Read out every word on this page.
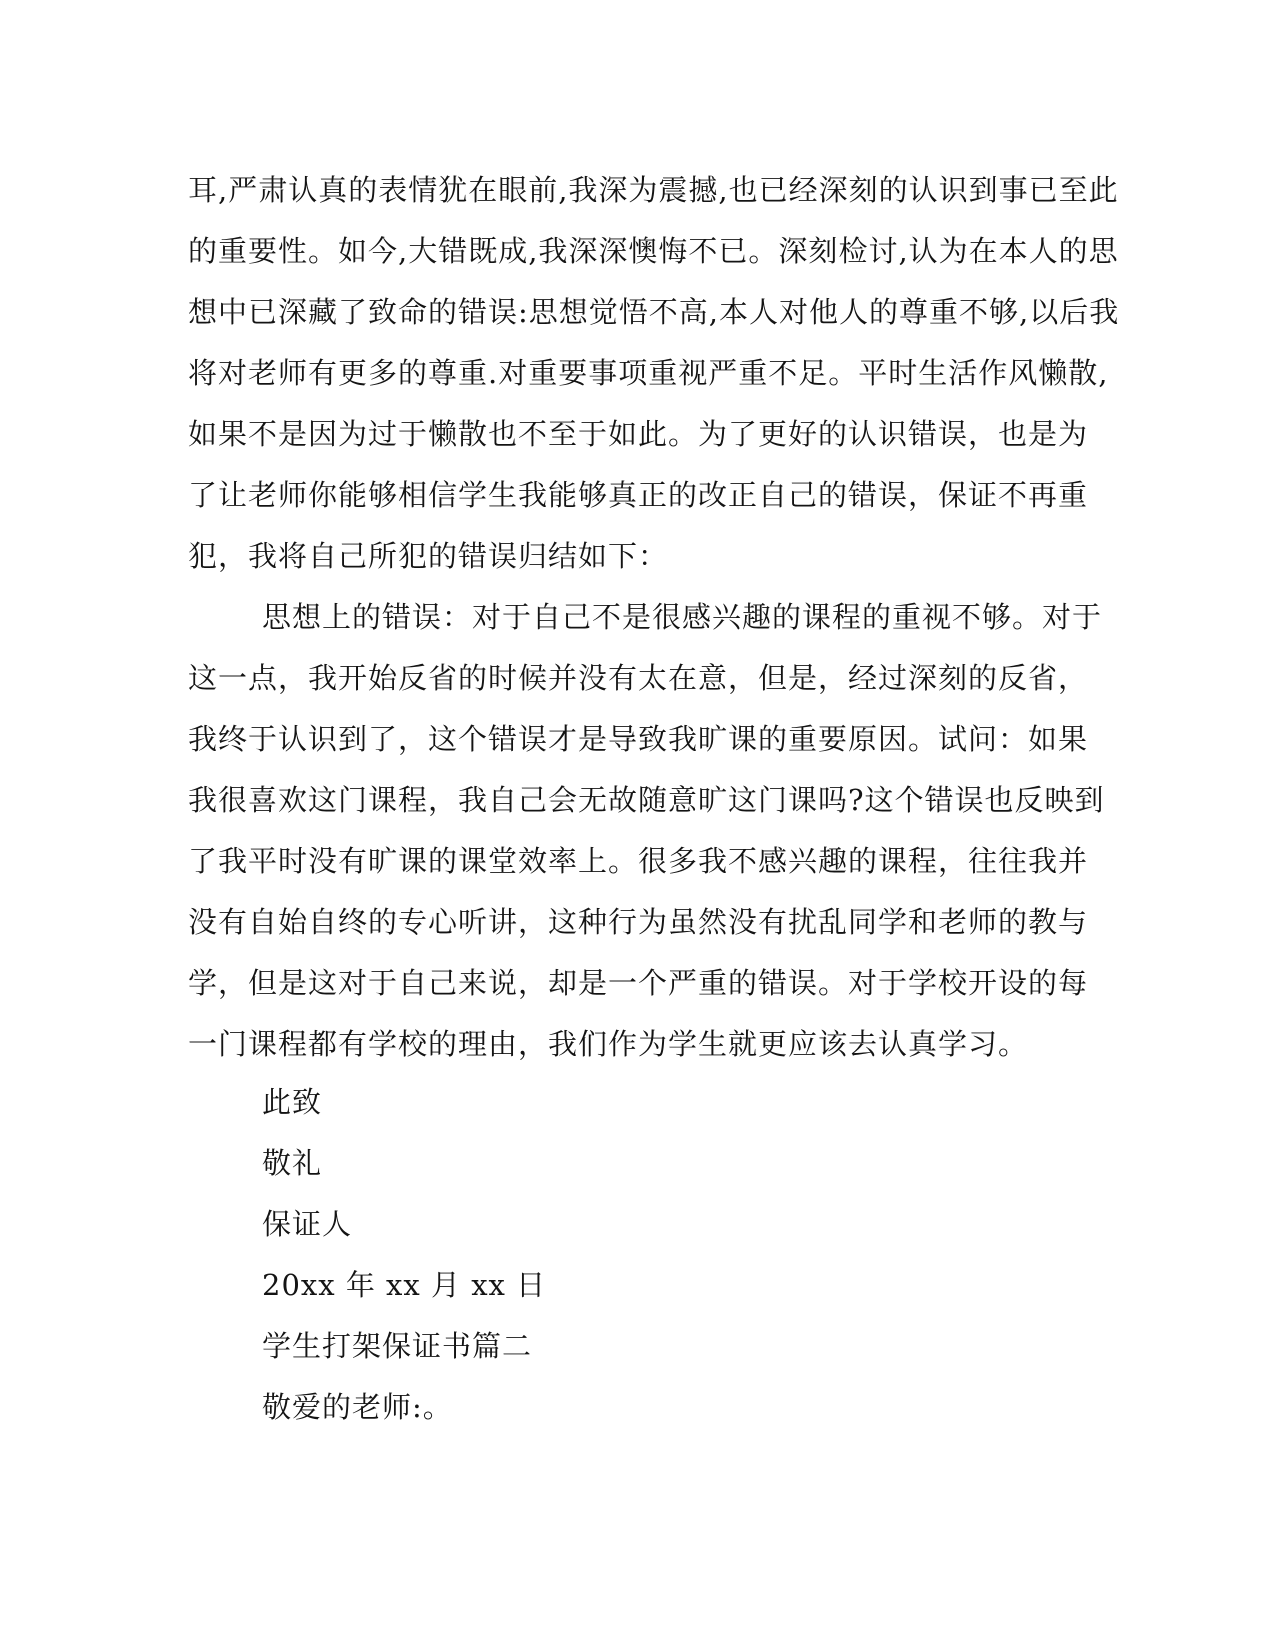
耳,严肃认真的表情犹在眼前,我深为震撼,也已经深刻的认识到事已至此
的重要性。如今,大错既成,我深深懊悔不已。深刻检讨,认为在本人的思
想中已深藏了致命的错误:思想觉悟不高,本人对他人的尊重不够,以后我
将对老师有更多的尊重.对重要事项重视严重不足。平时生活作风懒散,
如果不是因为过于懒散也不至于如此。为了更好的认识错误，也是为
了让老师你能够相信学生我能够真正的改正自己的错误，保证不再重
犯，我将自己所犯的错误归结如下：
思想上的错误：对于自己不是很感兴趣的课程的重视不够。对于
这一点，我开始反省的时候并没有太在意，但是，经过深刻的反省，
我终于认识到了，这个错误才是导致我旷课的重要原因。试问：如果
我很喜欢这门课程，我自己会无故随意旷这门课吗?这个错误也反映到
了我平时没有旷课的课堂效率上。很多我不感兴趣的课程，往往我并
没有自始自终的专心听讲，这种行为虽然没有扰乱同学和老师的教与
学，但是这对于自己来说，却是一个严重的错误。对于学校开设的每
一门课程都有学校的理由，我们作为学生就更应该去认真学习。
此致
敬礼
保证人
20xx 年 xx 月 xx 日
学生打架保证书篇二
敬爱的老师:。
